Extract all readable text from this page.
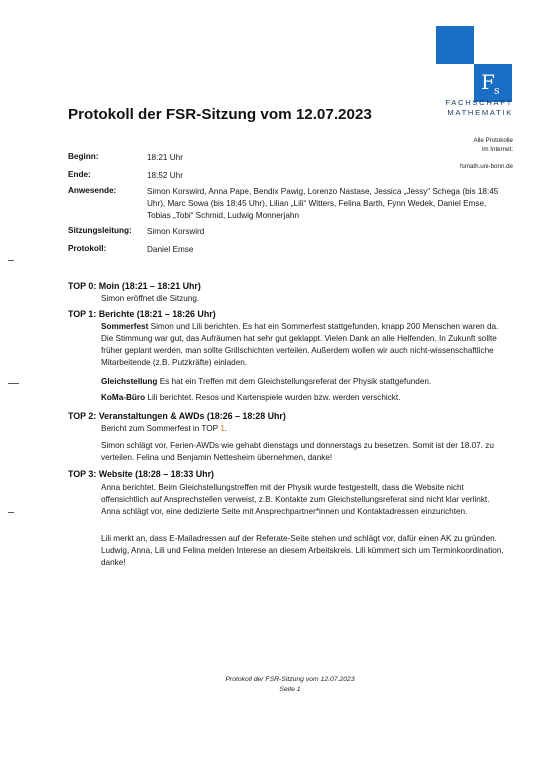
F s
FACHSCHAFT
MATHEMATIK
Protokoll der FSR-Sitzung vom 12.07.2023
Alle Protokolle
im Internet:
fsmath.uni-bonn.de
Beginn:	18:21 Uhr
Ende:	18:52 Uhr
Anwesende:	Simon Korswird, Anna Pape, Bendix Pawig, Lorenzo Nastase, Jessica „Jessy“ Schega (bis 18:45 Uhr), Marc Sowa (bis 18:45 Uhr), Lilian „Lili“ Witters, Felina Barth, Fynn Wedek, Daniel Emse, Tobias „Tobi“ Schmid, Ludwig Monnerjahn
Sitzungsleitung: Simon Korswird
Protokoll:	Daniel Emse
TOP 0: Moin (18:21 – 18:21 Uhr)
Simon eröffnet die Sitzung.
TOP 1: Berichte (18:21 – 18:26 Uhr)
Sommerfest Simon und Lili berichten. Es hat ein Sommerfest stattgefunden, knapp 200 Menschen waren da. Die Stimmung war gut, das Aufräumen hat sehr gut geklappt. Vielen Dank an alle Helfenden. In Zukunft sollte früher geplant werden, man sollte Grillschichten verteilen. Außerdem wollen wir auch nicht-wissenschaftliche Mitarbeitende (z.B. Putzkräfte) einladen.
Gleichstellung Es hat ein Treffen mit dem Gleichstellungsreferat der Physik stattgefunden.
KoMa-Büro Lili berichtet. Resos und Kartenspiele wurden bzw. werden verschickt.
TOP 2: Veranstaltungen & AWDs (18:26 – 18:28 Uhr)
Bericht zum Sommerfest in TOP 1.
Simon schlägt vor, Ferien-AWDs wie gehabt dienstags und donnerstags zu besetzen. Somit ist der 18.07. zu verteilen. Felina und Benjamin Nettesheim übernehmen, danke!
TOP 3: Website (18:28 – 18:33 Uhr)
Anna berichtet. Beim Gleichstellungstreffen mit der Physik wurde festgestellt, dass die Website nicht offensichtlich auf Ansprechstellen verweist, z.B. Kontakte zum Gleichstellungsreferat sind nicht klar verlinkt. Anna schlägt vor, eine dedizierte Seite mit Ansprechpartner*innen und Kontaktadressen einzurichten.
Lili merkt an, dass E-Mailadressen auf der Referate-Seite stehen und schlägt vor, dafür einen AK zu gründen. Ludwig, Anna, Lili und Felina melden Interese an diesem Arbeitskreis. Lili kümmert sich um Terminkoordination, danke!
Protokoll der FSR-Sitzung vom 12.07.2023
Seite 1
